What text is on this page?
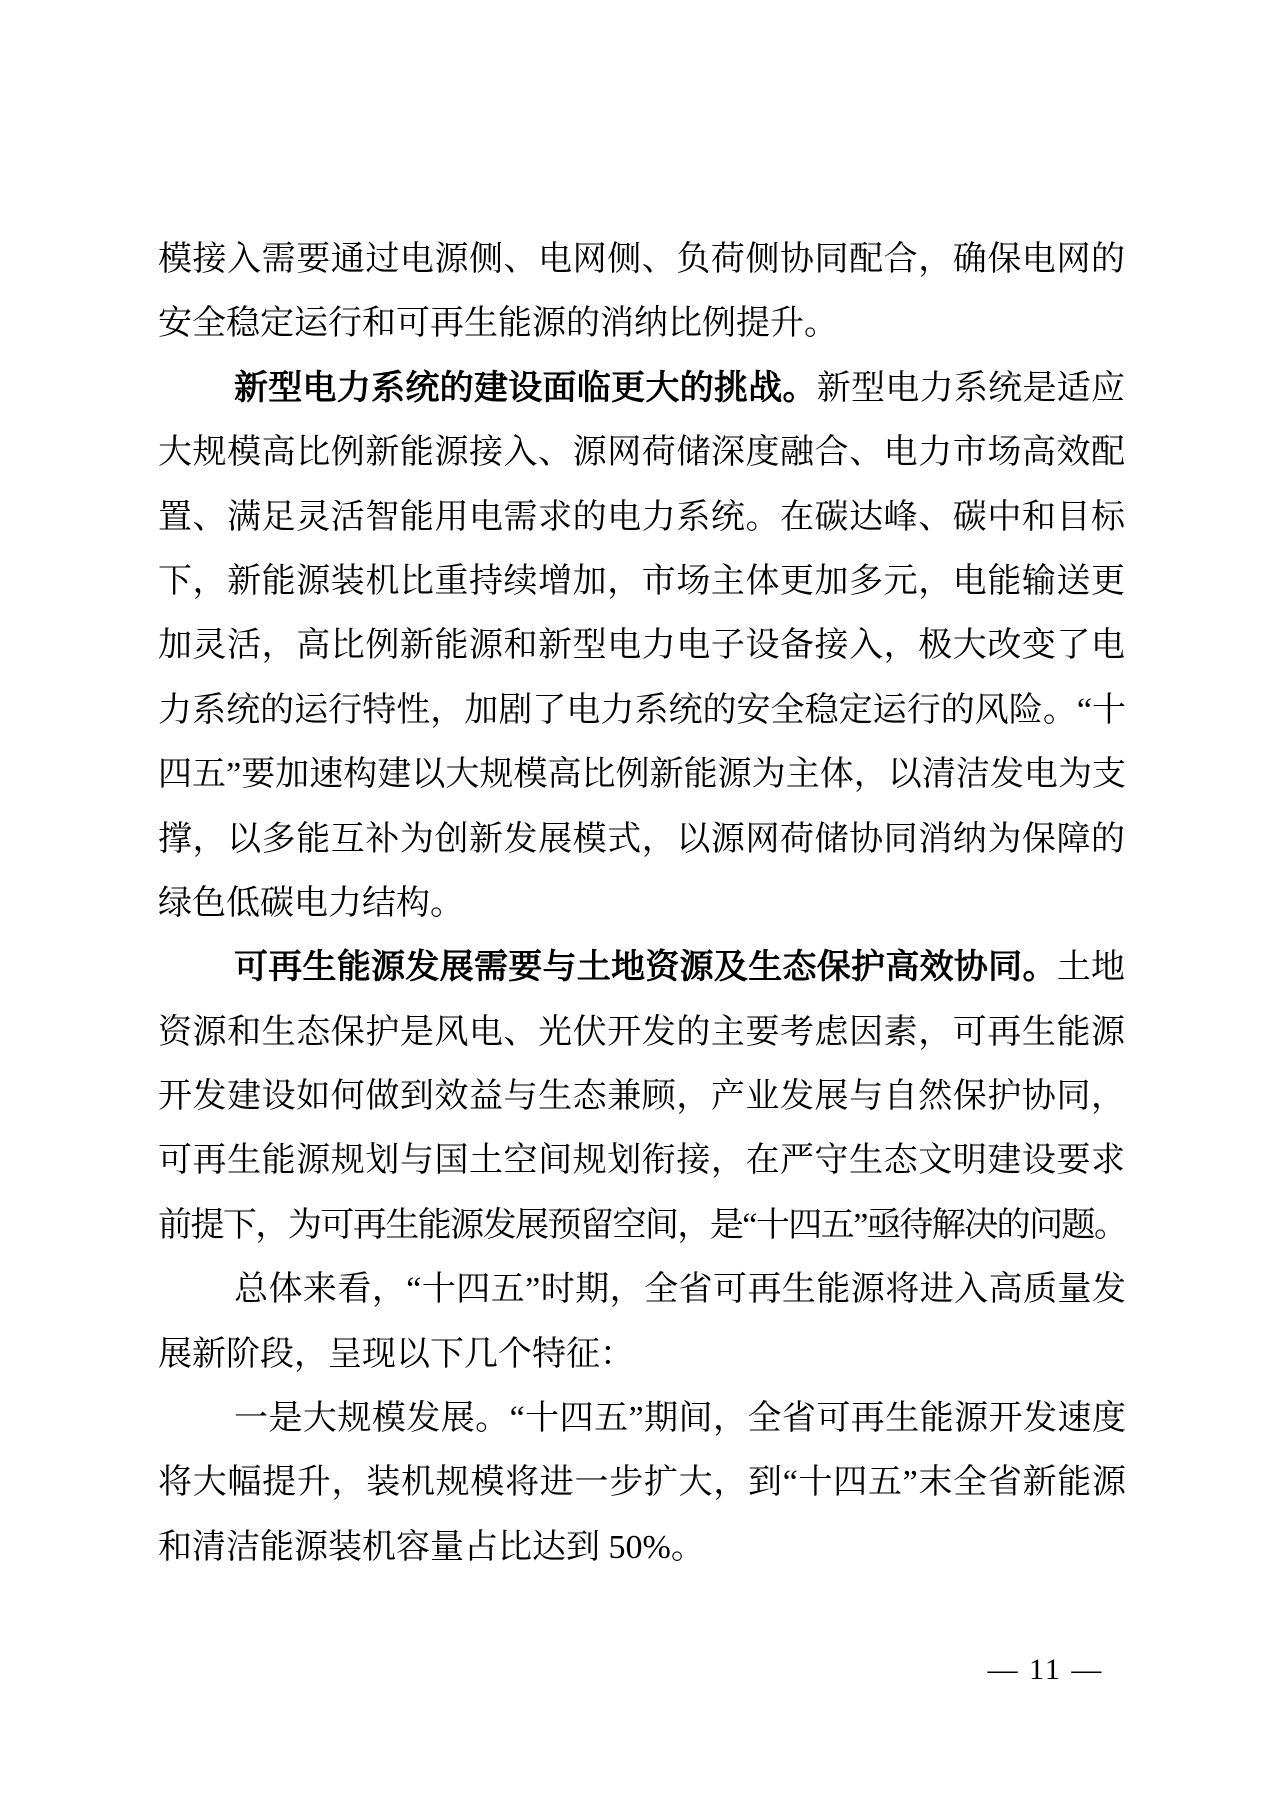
模接入需要通过电源侧、电网侧、负荷侧协同配合，确保电网的
安全稳定运行和可再生能源的消纳比例提升。
新型电力系统的建设面临更大的挑战。新型电力系统是适应
大规模高比例新能源接入、源网荷储深度融合、电力市场高效配
置、满足灵活智能用电需求的电力系统。在碳达峰、碳中和目标
下，新能源装机比重持续增加，市场主体更加多元，电能输送更
加灵活，高比例新能源和新型电力电子设备接入，极大改变了电
力系统的运行特性，加剧了电力系统的安全稳定运行的风险。“十
四五”要加速构建以大规模高比例新能源为主体，以清洁发电为支
撑，以多能互补为创新发展模式，以源网荷储协同消纳为保障的
绿色低碳电力结构。
可再生能源发展需要与土地资源及生态保护高效协同。土地
资源和生态保护是风电、光伏开发的主要考虑因素，可再生能源
开发建设如何做到效益与生态兼顾，产业发展与自然保护协同，
可再生能源规划与国土空间规划衔接，在严守生态文明建设要求
前提下，为可再生能源发展预留空间，是“十四五”亟待解决的问题。
总体来看，“十四五”时期，全省可再生能源将进入高质量发
展新阶段，呈现以下几个特征：
一是大规模发展。“十四五”期间，全省可再生能源开发速度
将大幅提升，装机规模将进一步扩大，到“十四五”末全省新能源
和清洁能源装机容量占比达到 50%。
— 11 —
